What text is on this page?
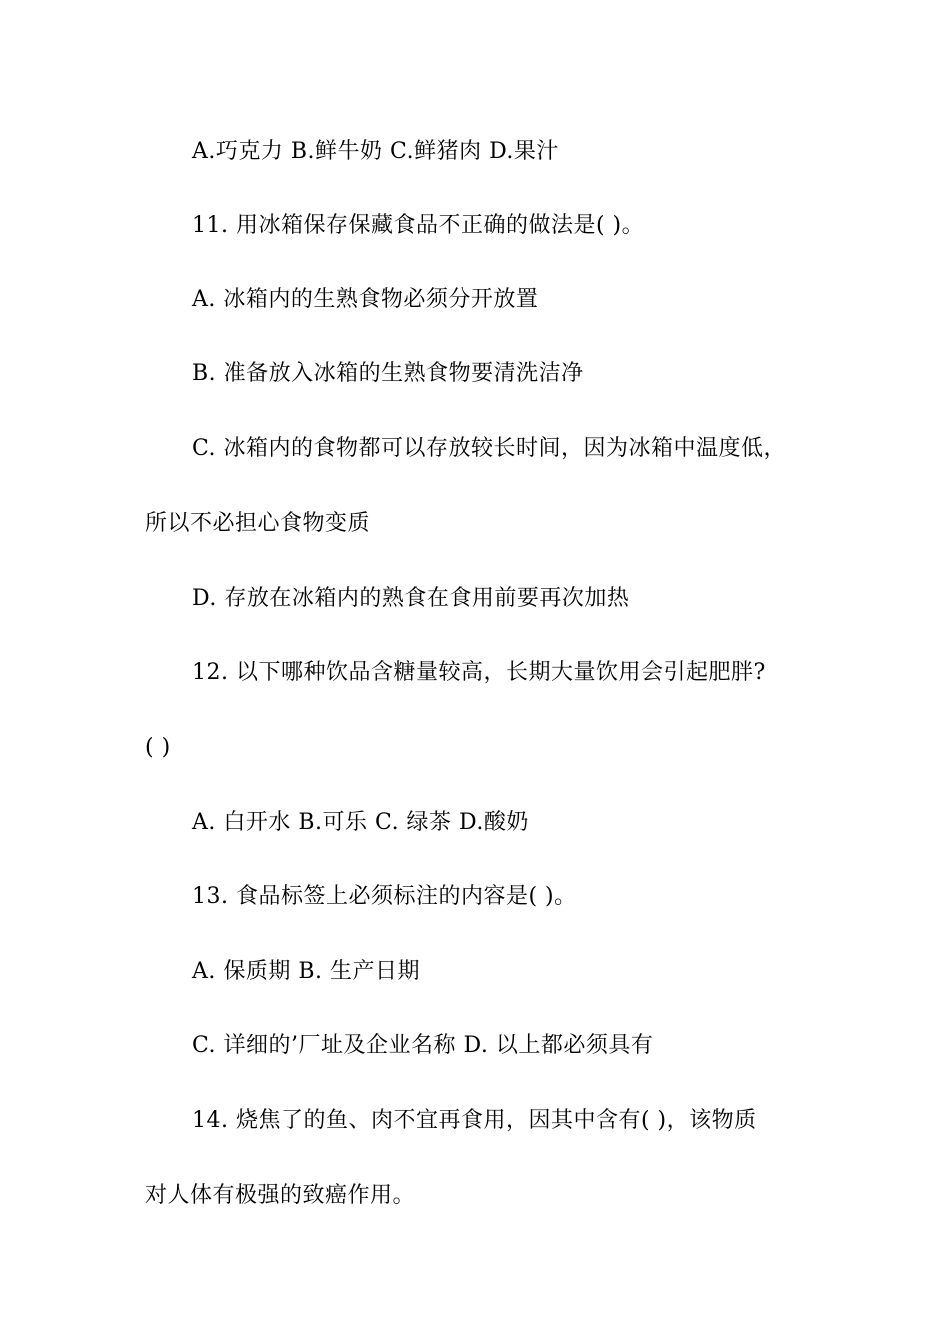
A.巧克力 B.鲜牛奶 C.鲜猪肉 D.果汁
11. 用冰箱保存保藏食品不正确的做法是( )。
A. 冰箱内的生熟食物必须分开放置
B. 准备放入冰箱的生熟食物要清洗洁净
C. 冰箱内的食物都可以存放较长时间，因为冰箱中温度低，
所以不必担心食物变质
D. 存放在冰箱内的熟食在食用前要再次加热
12. 以下哪种饮品含糖量较高，长期大量饮用会引起肥胖?
( )
A. 白开水 B.可乐 C. 绿茶 D.酸奶
13. 食品标签上必须标注的内容是( )。
A. 保质期 B. 生产日期
C. 详细的’厂址及企业名称 D. 以上都必须具有
14. 烧焦了的鱼、肉不宜再食用，因其中含有( )，该物质
对人体有极强的致癌作用。
